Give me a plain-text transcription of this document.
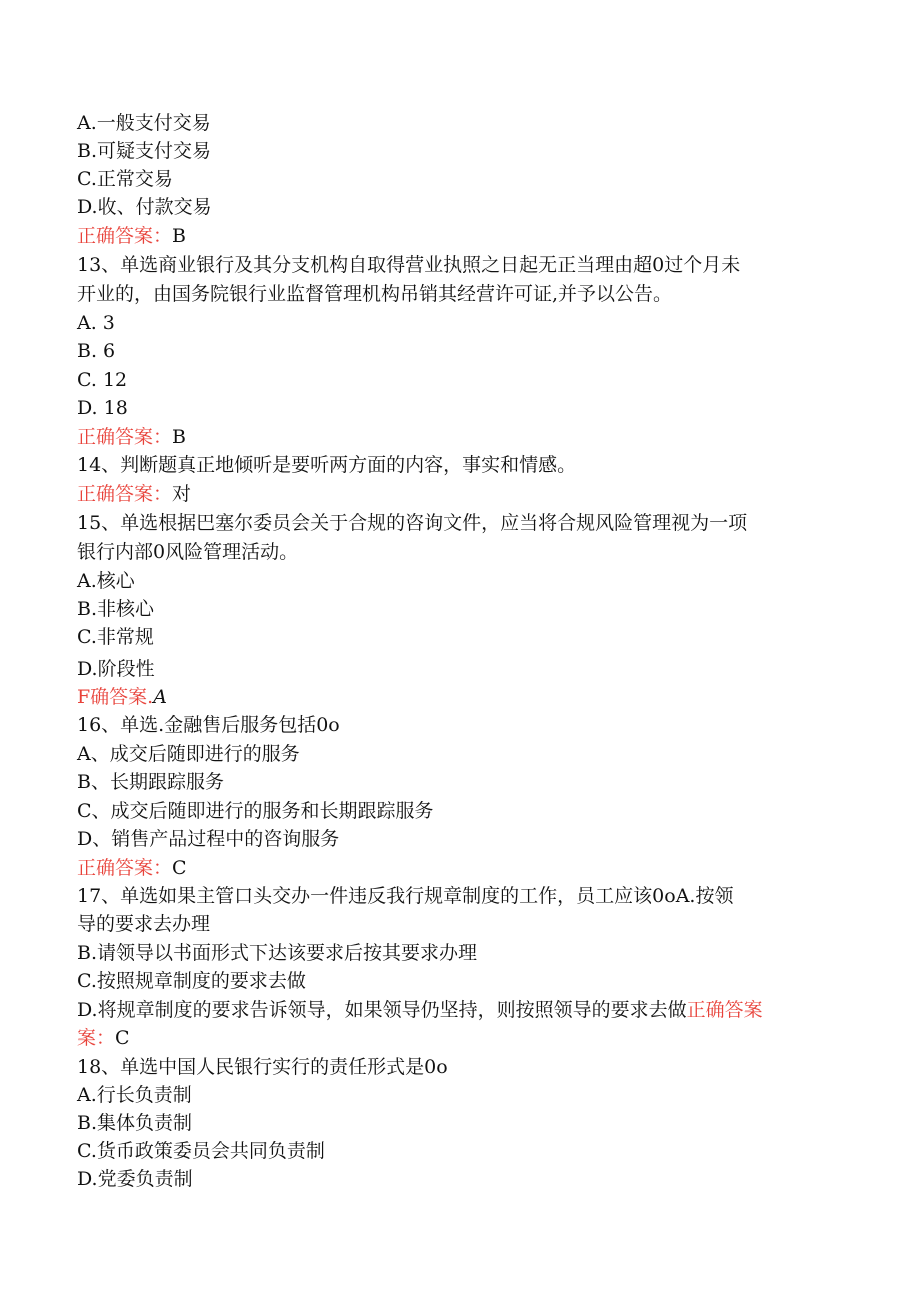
A.一般支付交易
B.可疑支付交易
C.正常交易
D.收、付款交易
正确答案：B
13、单选商业银行及其分支机构自取得营业执照之日起无正当理由超0过个月未
开业的，由国务院银行业监督管理机构吊销其经营许可证,并予以公告。
A. 3
B. 6
C. 12
D. 18
正确答案：B
14、判断题真正地倾听是要听两方面的内容，事实和情感。
正确答案：对
15、单选根据巴塞尔委员会关于合规的咨询文件，应当将合规风险管理视为一项
银行内部0风险管理活动。
A.核心
B.非核心
C.非常规
D.阶段性
F确答案.A
16、单选.金融售后服务包括0o
A、成交后随即进行的服务
B、长期跟踪服务
C、成交后随即进行的服务和长期跟踪服务
D、销售产品过程中的咨询服务
正确答案：C
17、单选如果主管口头交办一件违反我行规章制度的工作，员工应该0oA.按领
导的要求去办理
B.请领导以书面形式下达该要求后按其要求办理
C.按照规章制度的要求去做
D.将规章制度的要求告诉领导，如果领导仍坚持，则按照领导的要求去做正确答案
案：C
18、单选中国人民银行实行的责任形式是0o
A.行长负责制
B.集体负责制
C.货币政策委员会共同负责制
D.党委负责制
